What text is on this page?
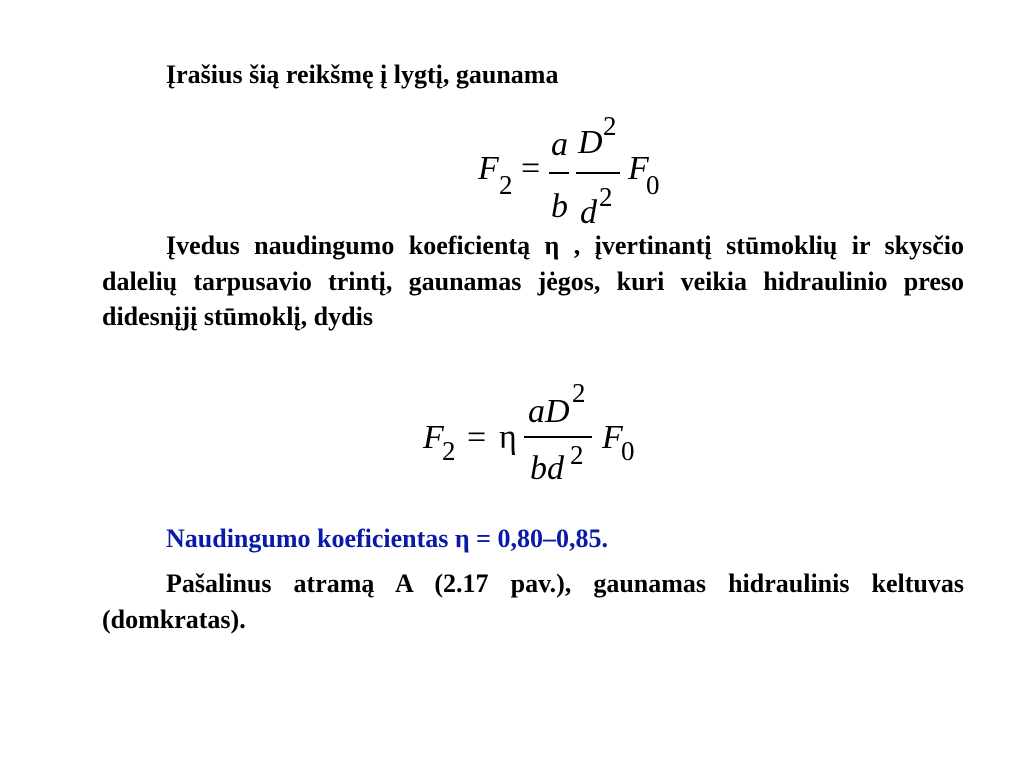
Įrašius šią reikšmę į lygtį, gaunama

F 2 =
a
b
D 2
d 2
F
0

Įvedus naudingumo koeficientą η , įvertinantį stūmoklių ir skysčio dalelių tarpusavio trintį, gaunamas jėgos, kuri veikia hidraulinio preso didesnįjį stūmoklį, dydis

F
2 = η
aD 2
bd 2 F
0

Naudingumo koeficientas η = 0,80–0,85.

Pašalinus atramą A (2.17 pav.), gaunamas hidraulinis keltuvas (domkratas).
